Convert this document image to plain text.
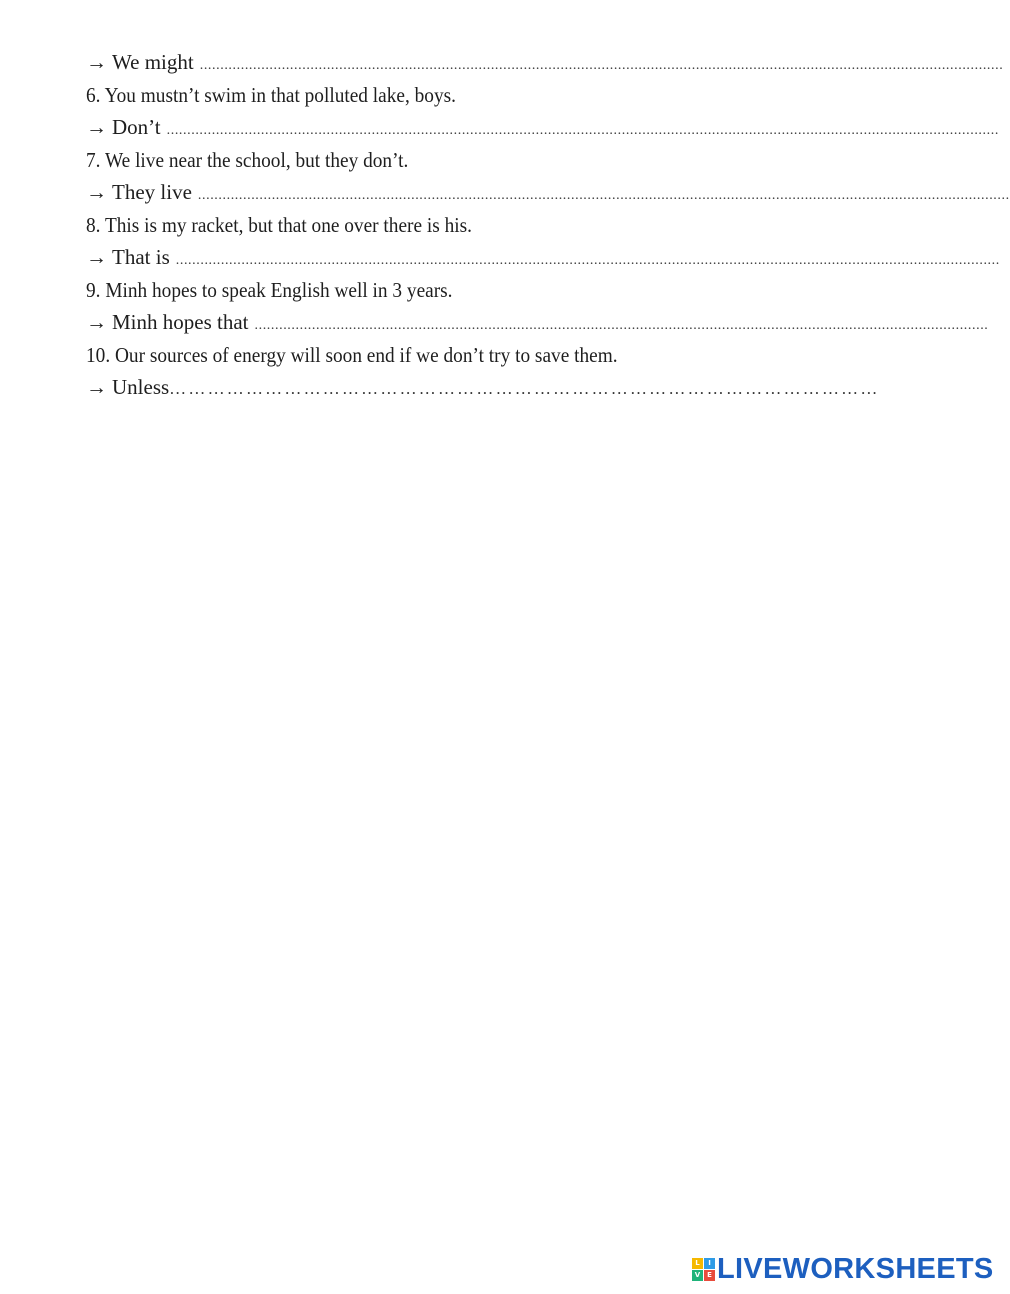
→ We might ....................................................................................................................................................................................................
6. You mustn’t swim in that polluted lake, boys.
→ Don’t ...........................................................................................................................................................................................................
7. We live near the school, but they don’t.
→ They live ......................................................................................................................................................................................................
8. This is my racket, but that one over there is his.
→ That is .........................................................................................................................................................................................................
9. Minh hopes to speak English well in 3 years.
→ Minh hopes that ...................................................................................................................................................................................
10. Our sources of energy will soon end if we don’t try to save them.
→ Unless …………………………………………………………………………………………………
L	I
V E LIVEWORKSHEETS
